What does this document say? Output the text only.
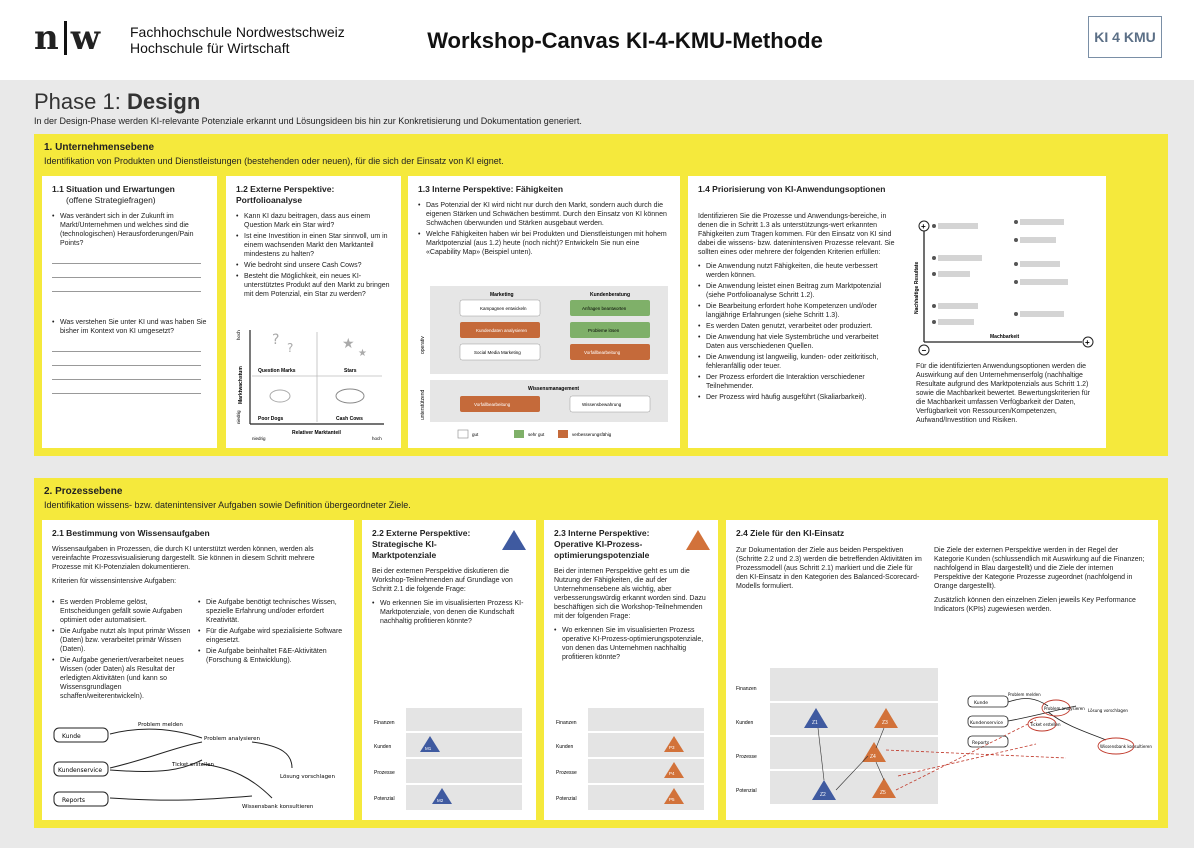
n w Fachhochschule Nordwestschweiz
Hochschule für Wirtschaft	Workshop-Canvas KI-4-KMU-Methode	KI 4 KMU
Phase 1: Design
In der Design-Phase werden KI-relevante Potenziale erkannt und Lösungsideen bis hin zur Konkretisierung und Dokumentation generiert.
1. Unternehmensebene
Identifikation von Produkten und Dienstleistungen (bestehenden oder neuen), für die sich der Einsatz von KI eignet.
1.1 Situation und Erwartungen
(offene Strategiefragen)
• Was verändert sich in der Zukunft im Markt/Unternehmen und welches sind die (technologischen) Herausforderungen/Pain Points?
• Was verstehen Sie unter KI und was haben Sie bisher im Kontext von KI umgesetzt?
1.2 Externe Perspektive: Portfolioanalyse
• Kann KI dazu beitragen, dass aus einem Question Mark ein Star wird?
• Ist eine Investition in einen Star sinnvoll, um in einem wachsenden Markt den Marktanteil mindestens zu halten?
• Wie bedroht sind unsere Cash Cows?
• Besteht die Möglichkeit, ein neues KI-unterstütztes Produkt auf den Markt zu bringen mit dem Potenzial, ein Star zu werden?
? ?	★
★
Question Marks	Stars
Poor Dogs	Cash Cows
Marktwachstum
Relativer Marktanteil
hoch
niedrig
niedrig	hoch
1.3 Interne Perspektive: Fähigkeiten
• Das Potenzial der KI wird nicht nur durch den Markt, sondern auch durch die eigenen Stärken und Schwächen bestimmt. Durch den Einsatz von KI können Schwächen überwunden und Stärken ausgebaut werden.
• Welche Fähigkeiten haben wir bei Produkten und Dienstleistungen mit hohem Marktpotenzial (aus 1.2) heute (noch nicht)? Entwickeln Sie nun eine «Capability Map» (Beispiel unten).
operativ
unterstützend
Marketing	Kundenberatung
Kampagnen entwickeln
Kundendaten analysieren
Social Media Marketing
Anfragen beantworten
Probleme lösen
Vorfallbearbeitung
Wissensmanagement
Vorfallbearbeitung	Wissensbewahrung
gut	sehr gut	verbesserungsfähig
1.4 Priorisierung von KI-Anwendungsoptionen

Identifizieren Sie die Prozesse und Anwendungs-bereiche, in denen die in Schritt 1.3 als unterstützungs-wert erkannten Fähigkeiten zum Tragen kommen. Für den Einsatz von KI sind dabei die wissens- bzw. datenintensiven Prozesse relevant. Sie sollten eines oder mehrere der folgenden Kriterien erfüllen:

• Die Anwendung nutzt Fähigkeiten, die heute verbessert werden können.
• Die Anwendung leistet einen Beitrag zum Marktpotenzial (siehe Portfolioanalyse Schritt 1.2).
• Die Bearbeitung erfordert hohe Kompetenzen und/oder langjährige Erfahrungen (siehe Schritt 1.3).
• Es werden Daten genutzt, verarbeitet oder produziert.
• Die Anwendung hat viele Systembrüche und verarbeitet Daten aus verschiedenen Quellen.
• Die Anwendung ist langweilig, kunden- oder zeitkritisch, fehleranfällig oder teuer.
• Der Prozess erfordert die Interaktion verschiedener Teilnehmender.
• Der Prozess wird häufig ausgeführt (Skaliarbarkeit).
+
−
+
Nachhaltige Resultate
Machbarkeit
Für die identifizierten Anwendungsoptionen werden die Auswirkung auf den Unternehmenserfolg (nachhaltige Resultate aufgrund des Marktpotenzials aus Schritt 1.2) sowie die Machbarkeit bewertet. Bewertungskriterien für die Machbarkeit umfassen Verfügbarkeit der Daten, Verfügbarkeit von Ressourcen/Kompetenzen, Aufwand/Investition und Risiken.
2. Prozessebene
Identifikation wissens- bzw. datenintensiver Aufgaben sowie Definition übergeordneter Ziele.
2.1 Bestimmung von Wissensaufgaben

Wissensaufgaben in Prozessen, die durch KI unterstützt werden können, werden als vereinfachte Prozessvisualisierung dargestellt. Sie können in diesem Schritt mehrere Prozesse mit KI-Potenzialen dokumentieren.

Kriterien für wissensintensive Aufgaben:

• Es werden Probleme gelöst, Entscheidungen gefällt sowie Aufgaben optimiert oder automatisiert.
• Die Aufgabe nutzt als Input primär Wissen (Daten) bzw. verarbeitet primär Wissen (Daten).
• Die Aufgabe generiert/verarbeitet neues Wissen (oder Daten) als Resultat der erledigten Aktivitäten (und kann so Wissensgrundlagen schaffen/weiterentwickeln).
• Die Aufgabe benötigt technisches Wissen, spezielle Erfahrung und/oder erfordert Kreativität.
• Für die Aufgabe wird spezialisierte Software eingesetzt.
• Die Aufgabe beinhaltet F&E-Aktivitäten (Forschung & Entwicklung).
Kunde
Kundenservice
Reports
Problem melden
Problem analysieren
Ticket erstellen
Lösung vorschlagen
Wissensbank konsultieren
2.2 Externe Perspektive: Strategische KI-Marktpotenziale

Bei der externen Perspektive diskutieren die Workshop-Teilnehmenden auf Grundlage von Schritt 2.1 die folgende Frage:

• Wo erkennen Sie im visualisierten Prozess KI-Marktpotenziale, von denen die Kundschaft nachhaltig profitieren könnte?
Finanzen
Kunden
Prozesse
Potenzial
M1
M2
2.3 Interne Perspektive: Operative KI-Prozess-optimierungspotenziale

Bei der internen Perspektive geht es um die Nutzung der Fähigkeiten, die auf der Unternehmensebene als wichtig, aber verbesserungswürdig erkannt worden sind. Dazu beschäftigen sich die Workshop-Teilnehmenden mit der folgenden Frage:

• Wo erkennen Sie im visualisierten Prozess operative KI-Prozess-optimierungspotenziale, von denen das Unternehmen nachhaltig profitieren könnte?
Finanzen
Kunden
Prozesse
Potenzial
P3
P4
P5
2.4 Ziele für den KI-Einsatz
Zur Dokumentation der Ziele aus beiden Perspektiven (Schritte 2.2 und 2.3) werden die betreffenden Aktivitäten im Prozessmodell (aus Schritt 2.1) markiert und die Ziele für den KI-Einsatz in den Kategorien des Balanced-Scorecard-Modells formuliert.

Die Ziele der externen Perspektive werden in der Regel der Kategorie Kunden (schlussendlich mit Auswirkung auf die Finanzen; nachfolgend in Blau dargestellt) und die Ziele der internen Perspektive der Kategorie Prozesse zugeordnet (nachfolgend in Orange dargestellt).

Zusätzlich können den einzelnen Zielen jeweils Key Performance Indicators (KPIs) zugewiesen werden.

Finanzen
Kunden
Prozesse
Potenzial
Z1
Z2
Z3
Z4
Z5
Kunde
Kundenservice
Reports
Problem melden
Ticket erstellen
Problem analysieren Lösung vorschlagen
Wissensbank konsultieren
